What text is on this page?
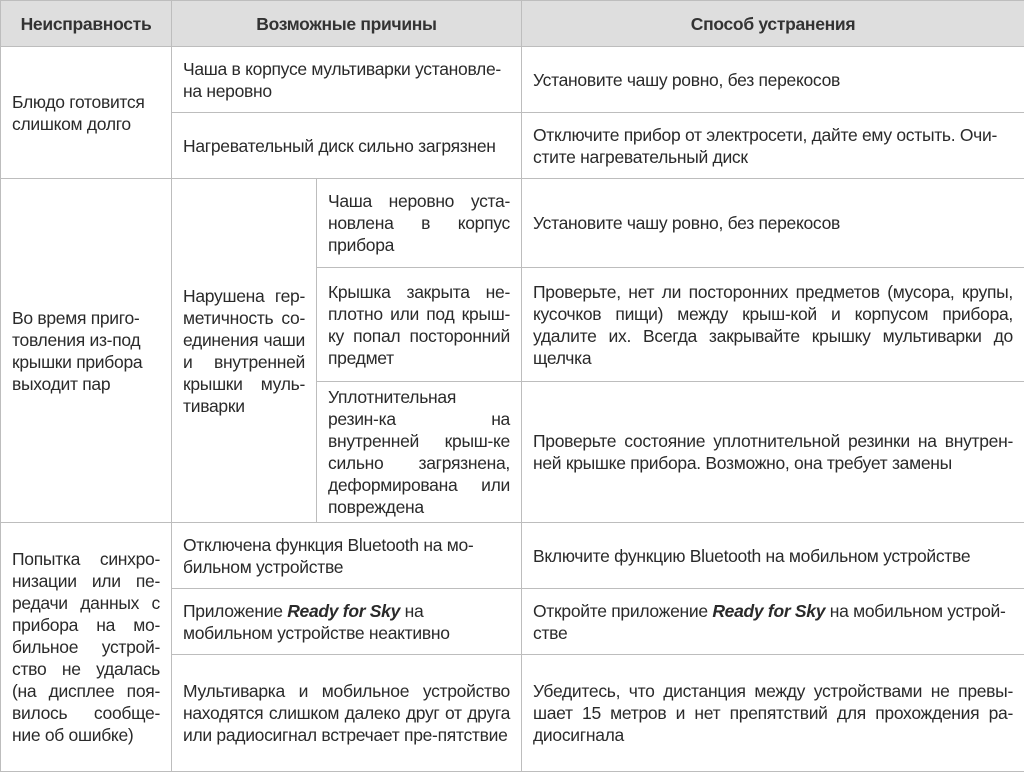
Неисправность	Возможные причины		Способ устранения
Блюдо готовится слишком долго	Чаша в корпусе мультиварки установле-на неровно		Установите чашу ровно, без перекосов
	Нагревательный диск сильно загрязнен		Отключите прибор от электросети, дайте ему остыть. Очи-стите нагревательный диск
Во время приго-товления из-под крышки прибора выходит пар	Нарушена гер-метичность со-единения чаши и внутренней крышки муль-тиварки	Чаша неровно уста-новлена в корпус прибора	Установите чашу ровно, без перекосов
		Крышка закрыта не-плотно или под крыш-ку попал посторонний предмет	Проверьте, нет ли посторонних предметов (мусора, крупы, кусочков пищи) между крыш-кой и корпусом прибора, удалите их. Всегда закрывайте крышку мультиварки до щелчка
		Уплотнительная резин-ка на внутренней крыш-ке сильно загрязнена, деформирована или повреждена	Проверьте состояние уплотнительной резинки на внутрен-ней крышке прибора. Возможно, она требует замены
Попытка синхро-низации или пе-редачи данных с прибора на мо-бильное устрой-ство не удалась (на дисплее поя-вилось сообще-ние об ошибке)	Отключена функция Bluetooth на мо-бильном устройстве		Включите функцию Bluetooth на мобильном устройстве
	Приложение Ready for Sky на мобильном устройстве неактивно		Откройте приложение Ready for Sky на мобильном устрой-стве
	Мультиварка и мобильное устройство находятся слишком далеко друг от друга или радиосигнал встречает пре-пятствие		Убедитесь, что дистанция между устройствами не превы-шает 15 метров и нет препятствий для прохождения ра-диосигнала
